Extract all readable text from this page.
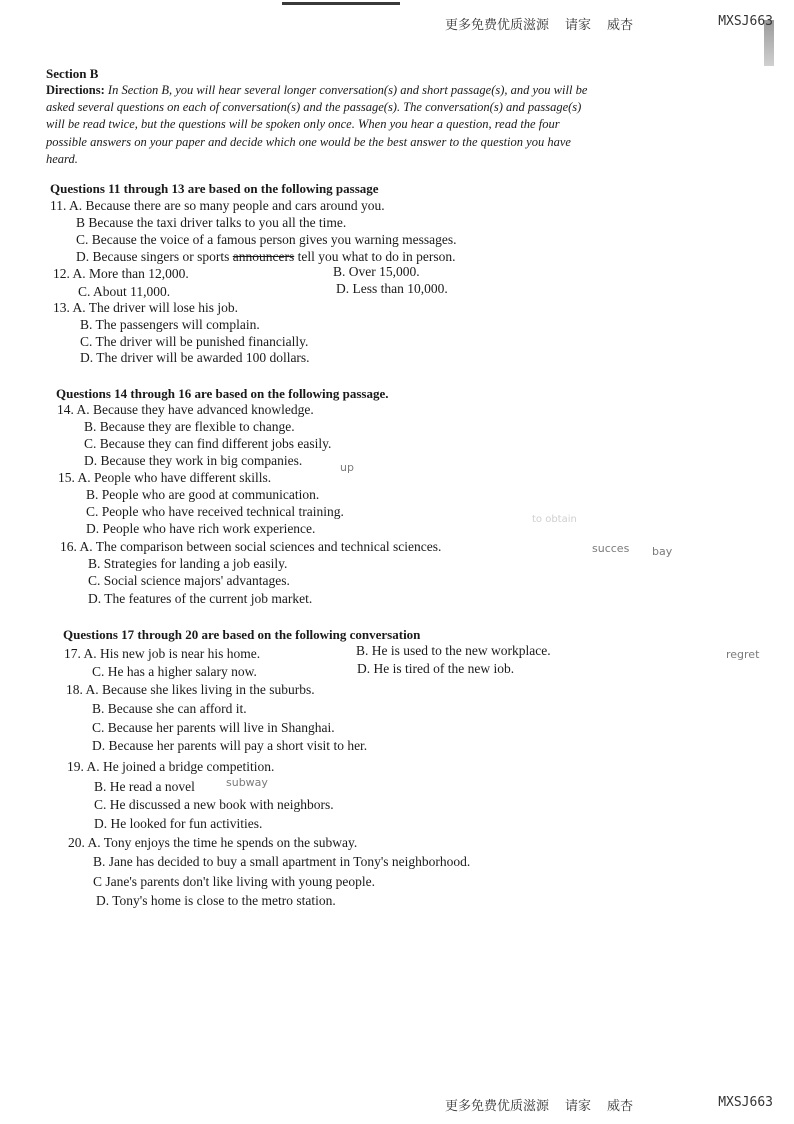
更多免费优质滋源 请家 威杏	MXSJ663
Section B
Directions: In Section B, you will hear several longer conversation(s) and short passage(s), and you will be asked several questions on each of conversation(s) and the passage(s). The conversation(s) and passage(s) will be read twice, but the questions will be spoken only once. When you hear a question, read the four possible answers on your paper and decide which one would be the best answer to the question you have heard.
Questions 11 through 13 are based on the following passage
11. A. Because there are so many people and cars around you.
B Because the taxi driver talks to you all the time.
C. Because the voice of a famous person gives you warning messages.
D. Because singers or sports announcers tell you what to do in person.
12. A. More than 12,000.	B. Over 15,000.
C. About 11,000.	D. Less than 10,000.
13. A. The driver will lose his job.
B. The passengers will complain.
C. The driver will be punished financially.
D. The driver will be awarded 100 dollars.
Questions 14 through 16 are based on the following passage.
14. A. Because they have advanced knowledge.
B. Because they are flexible to change.
C. Because they can find different jobs easily.
D. Because they work in big companies.
15. A. People who have different skills.
up
B. People who are good at communication.
C. People who have received technical training.
D. People who have rich work experience.
to obtain
16. A. The comparison between social sciences and technical sciences.	succes bay
B. Strategies for landing a job easily.
C. Social science majors' advantages.
D. The features of the current job market.
Questions 17 through 20 are based on the following conversation
17. A. His new job is near his home.	B. He is used to the new workplace.	regret
C. He has a higher salary now.	D. He is tired of the new iob.
18. A. Because she likes living in the suburbs.
B. Because she can afford it.
C. Because her parents will live in Shanghai.
D. Because her parents will pay a short visit to her.
19. A. He joined a bridge competition.
B. He read a novel	subway
C. He discussed a new book with neighbors.
D. He looked for fun activities.
20. A. Tony enjoys the time he spends on the subway.
B. Jane has decided to buy a small apartment in Tony's neighborhood.
C Jane's parents don't like living with young people.
D. Tony's home is close to the metro station.
更多免费优质滋源 请家 威杏	MXSJ663
